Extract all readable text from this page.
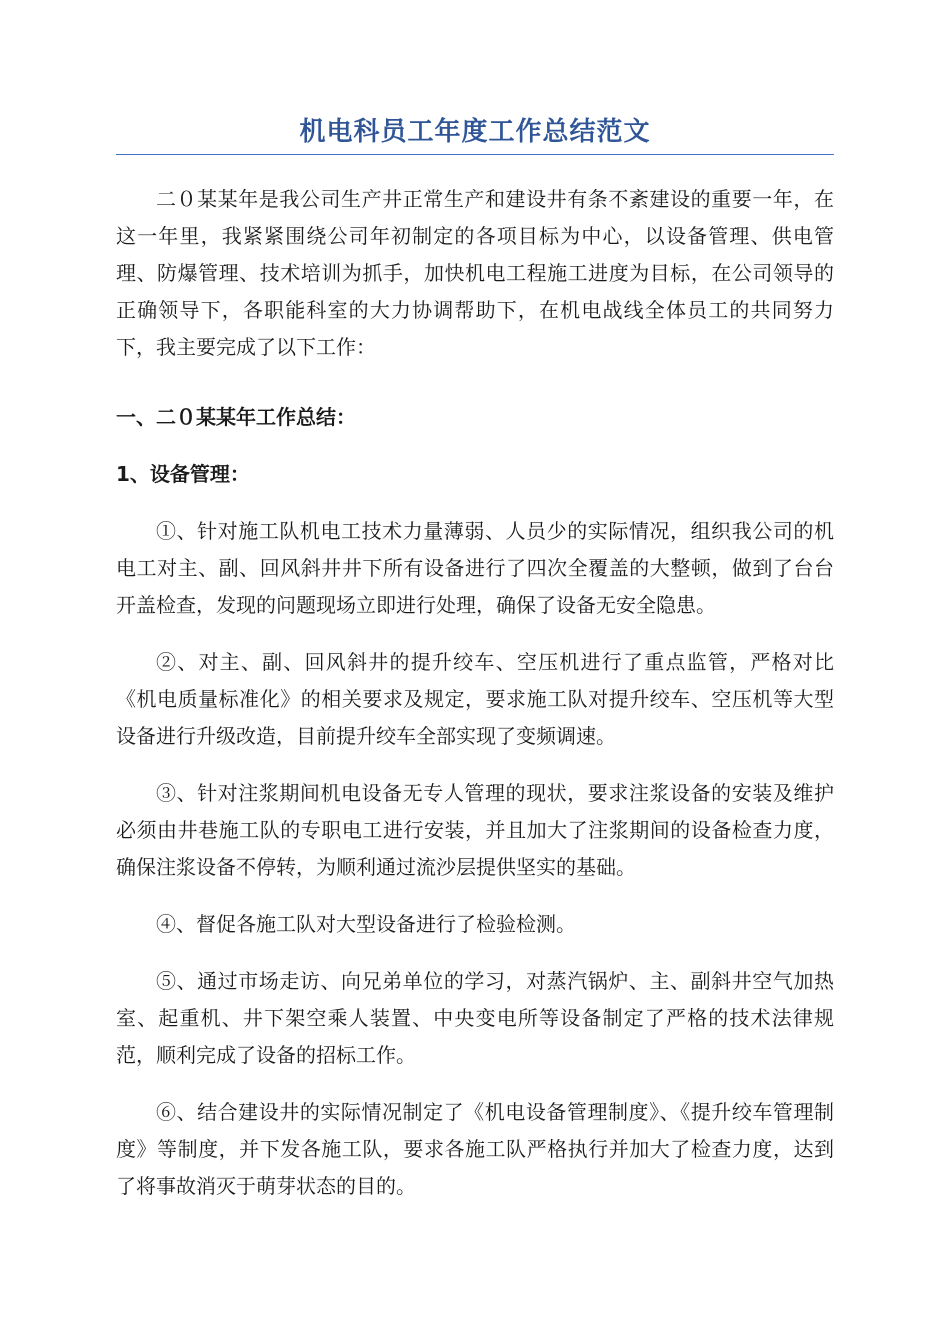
机电科员工年度工作总结范文

二０某某年是我公司生产井正常生产和建设井有条不紊建设的重要一年，在这一年里，我紧紧围绕公司年初制定的各项目标为中心，以设备管理、供电管理、防爆管理、技术培训为抓手，加快机电工程施工进度为目标，在公司领导的正确领导下，各职能科室的大力协调帮助下，在机电战线全体员工的共同努力下，我主要完成了以下工作：

一、二０某某年工作总结：
1、设备管理：

①、针对施工队机电工技术力量薄弱、人员少的实际情况，组织我公司的机电工对主、副、回风斜井井下所有设备进行了四次全覆盖的大整顿，做到了台台开盖检查，发现的问题现场立即进行处理，确保了设备无安全隐患。

②、对主、副、回风斜井的提升绞车、空压机进行了重点监管，严格对比《机电质量标准化》的相关要求及规定，要求施工队对提升绞车、空压机等大型设备进行升级改造，目前提升绞车全部实现了变频调速。

③、针对注浆期间机电设备无专人管理的现状，要求注浆设备的安装及维护必须由井巷施工队的专职电工进行安装，并且加大了注浆期间的设备检查力度，确保注浆设备不停转，为顺利通过流沙层提供坚实的基础。

④、督促各施工队对大型设备进行了检验检测。

⑤、通过市场走访、向兄弟单位的学习，对蒸汽锅炉、主、副斜井空气加热室、起重机、井下架空乘人装置、中央变电所等设备制定了严格的技术法律规范，顺利完成了设备的招标工作。

⑥、结合建设井的实际情况制定了《机电设备管理制度》、《提升绞车管理制度》等制度，并下发各施工队，要求各施工队严格执行并加大了检查力度，达到了将事故消灭于萌芽状态的目的。
